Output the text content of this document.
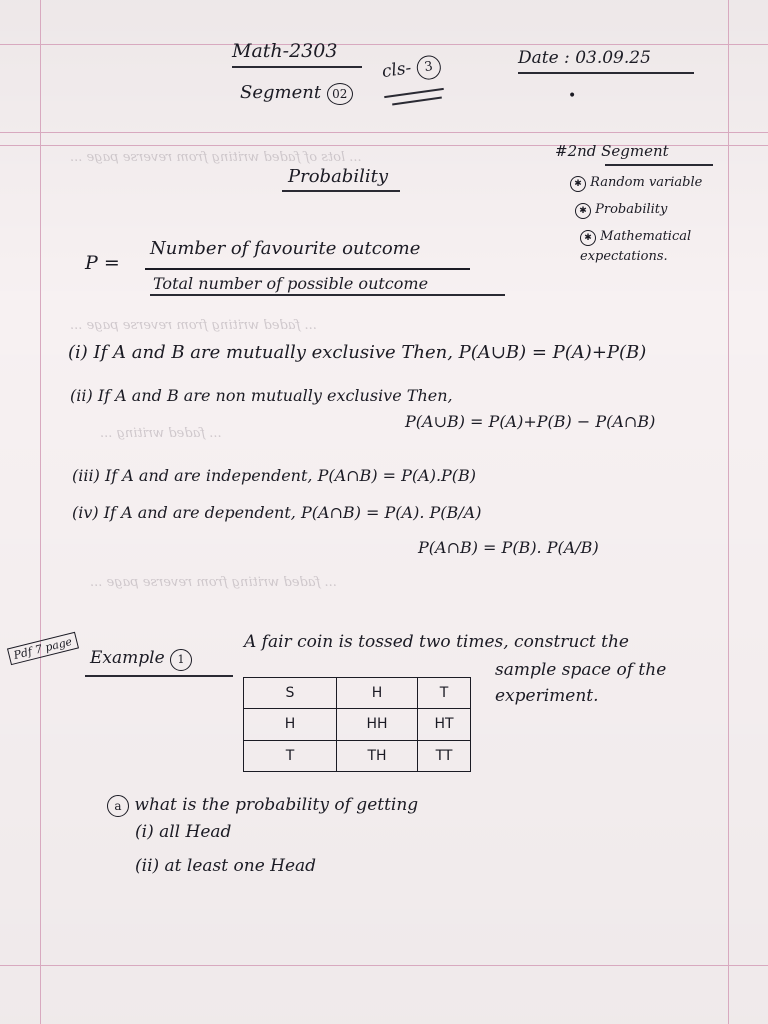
... lots of faded writing from reverse page ...
... faded writing from reverse page ...
... faded writing ...
... faded writing from reverse page ...
Math-2303
Segment 02
cls- 3	Date : 03.09.25
•
#2nd Segment
✱ Random variable
✱ Probability
✱ Mathematical expectations.
Probability
P =
Number of favourite outcome
Total number of possible outcome
(i) If A and B are mutually exclusive Then, P(A∪B) = P(A)+P(B)
(ii) If A and B are non mutually exclusive Then,
P(A∪B) = P(A)+P(B) − P(A∩B)
(iii) If A and are independent, P(A∩B) = P(A).P(B)
(iv) If A and are dependent, P(A∩B) = P(A). P(B/A)
P(A∩B) = P(B). P(A/B)
Pdf 7 page Example 1
A fair coin is tossed two times, construct the
sample space of the
experiment.
S	H	T
H	HH	HT
T	TH	TT
a what is the probability of getting
(i) all Head
(ii) at least one Head
